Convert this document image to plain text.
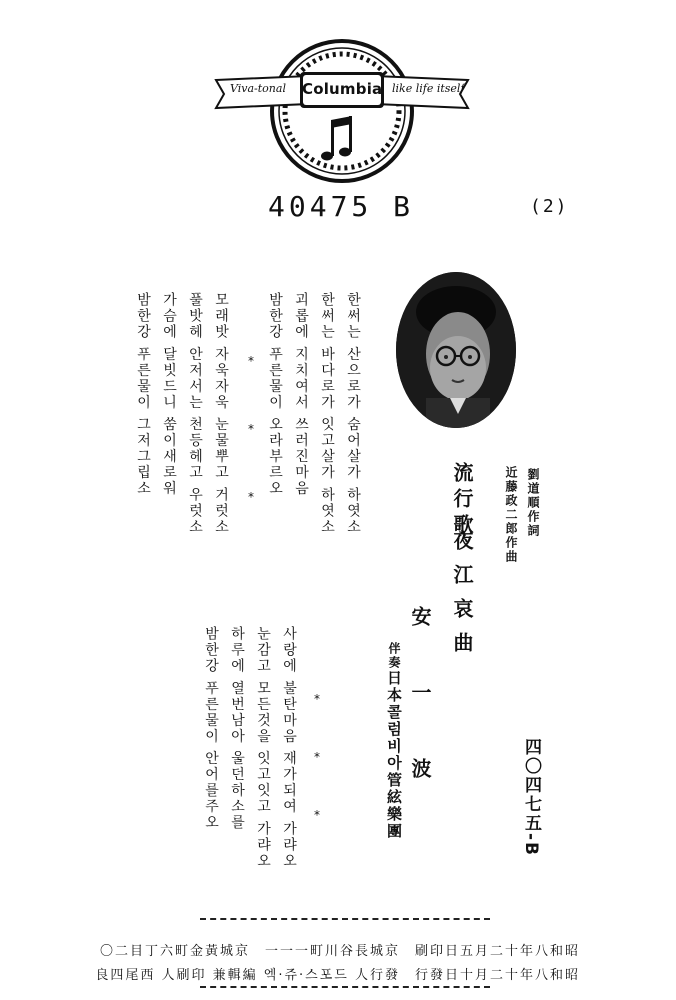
Columbia
Viva-tonal	like life itself
40475 B	(2)
流行歌
夜江哀曲
劉道順作詞
近藤政二郎作曲
安一波
伴奏
日本콜럼비아管絃樂團	四〇四七五-B
한써는 산으로가 숨어살가 하엿소
한써는 바다로가 잇고살가 하엿소
괴롭에 지치여서 쓰러진마음
밤한강 푸른물이 오라부르오
*
*
*
모래밧 자욱자욱 눈물뿌고 거럿소
풀밧헤 안저서는 천등헤고 우럿소
가슴에 달빗드니 쑴이새로워
밤한강 푸른물이 그저그립소
*
*
*
사랑에 불탄마음 재가되여 가랴오
눈감고 모든것을 잇고잇고 가랴오
하루에 열번남아 울던하소를
밤한강 푸른물이 안어를주오
昭和八年十二月五日印刷　京城長谷川町一一一　京城黃金町六丁目二〇
昭和八年十二月十日發行　發行人 드포스·쥬·엑 編輯兼 印刷人 西尾四良
